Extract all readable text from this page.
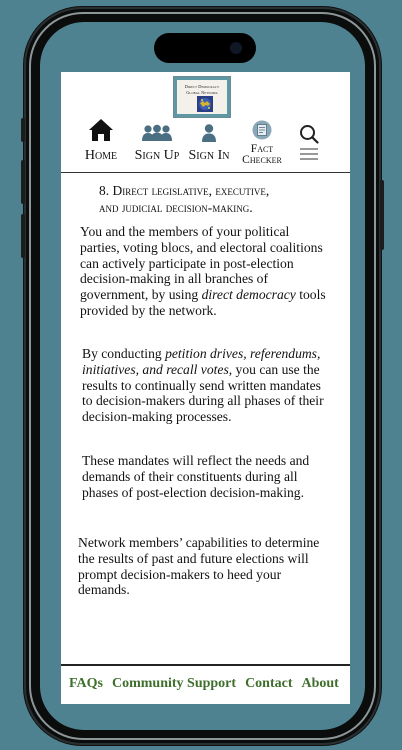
Direct Democracy
Global Network
Home Sign Up Sign In	Fact
Checker
8. Direct legislative, executive,
and judicial decision-making.

You and the members of your political parties, voting blocs, and electoral coalitions can actively participate in post-election decision-making in all branches of government, by using direct democracy tools provided by the network.

By conducting petition drives, referendums, initiatives, and recall votes, you can use the results to continually send written mandates to decision-makers during all phases of their decision-making processes.

These mandates will reflect the needs and demands of their constituents during all phases of post-election decision-making.

Network members’ capabilities to determine the results of past and future elections will prompt decision-makers to heed your demands.

FAQs Community Support Contact About
